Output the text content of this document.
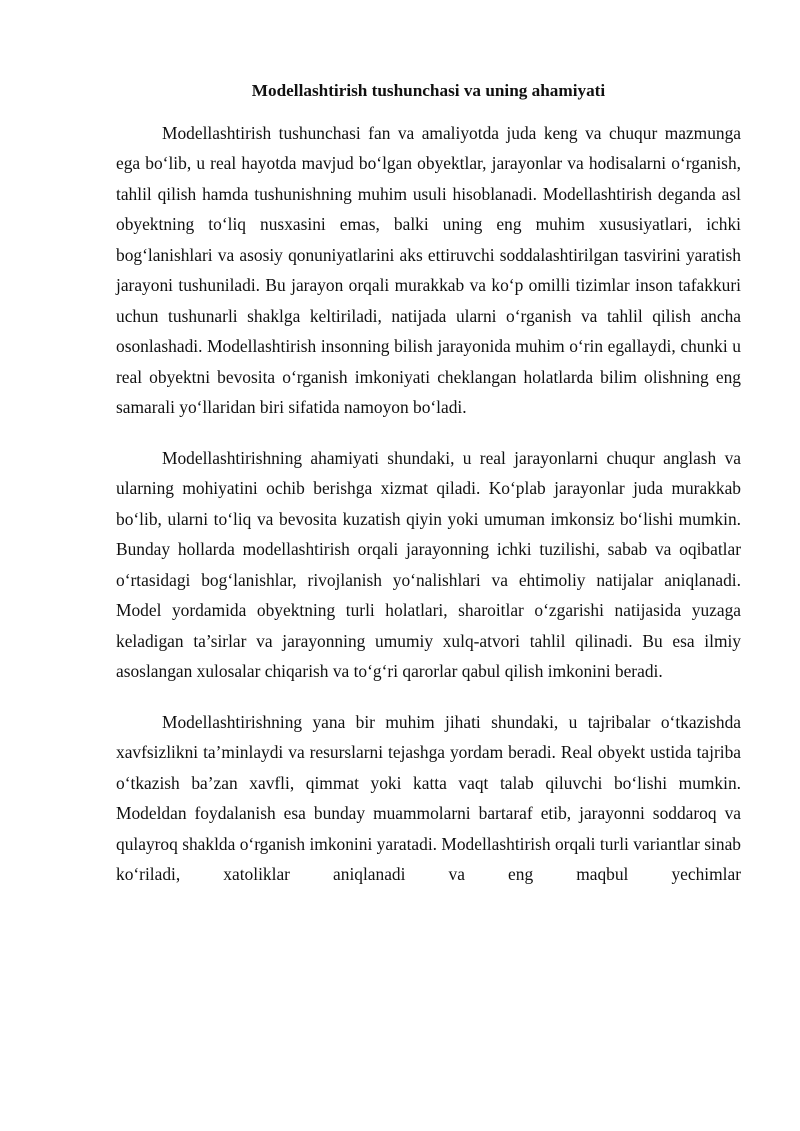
Modellashtirish tushunchasi va uning ahamiyati

Modellashtirish tushunchasi fan va amaliyotda juda keng va chuqur mazmunga ega bo‘lib, u real hayotda mavjud bo‘lgan obyektlar, jarayonlar va hodisalarni o‘rganish, tahlil qilish hamda tushunishning muhim usuli hisoblanadi. Modellashtirish deganda asl obyektning to‘liq nusxasini emas, balki uning eng muhim xususiyatlari, ichki bog‘lanishlari va asosiy qonuniyatlarini aks ettiruvchi soddalashtirilgan tasvirini yaratish jarayoni tushuniladi. Bu jarayon orqali murakkab va ko‘p omilli tizimlar inson tafakkuri uchun tushunarli shaklga keltiriladi, natijada ularni o‘rganish va tahlil qilish ancha osonlashadi. Modellashtirish insonning bilish jarayonida muhim o‘rin egallaydi, chunki u real obyektni bevosita o‘rganish imkoniyati cheklangan holatlarda bilim olishning eng samarali yo‘llaridan biri sifatida namoyon bo‘ladi.

Modellashtirishning ahamiyati shundaki, u real jarayonlarni chuqur anglash va ularning mohiyatini ochib berishga xizmat qiladi. Ko‘plab jarayonlar juda murakkab bo‘lib, ularni to‘liq va bevosita kuzatish qiyin yoki umuman imkonsiz bo‘lishi mumkin. Bunday hollarda modellashtirish orqali jarayonning ichki tuzilishi, sabab va oqibatlar o‘rtasidagi bog‘lanishlar, rivojlanish yo‘nalishlari va ehtimoliy natijalar aniqlanadi. Model yordamida obyektning turli holatlari, sharoitlar o‘zgarishi natijasida yuzaga keladigan ta’sirlar va jarayonning umumiy xulq-atvori tahlil qilinadi. Bu esa ilmiy asoslangan xulosalar chiqarish va to‘g‘ri qarorlar qabul qilish imkonini beradi.

Modellashtirishning yana bir muhim jihati shundaki, u tajribalar o‘tkazishda xavfsizlikni ta’minlaydi va resurslarni tejashga yordam beradi. Real obyekt ustida tajriba o‘tkazish ba’zan xavfli, qimmat yoki katta vaqt talab qiluvchi bo‘lishi mumkin. Modeldan foydalanish esa bunday muammolarni bartaraf etib, jarayonni soddaroq va qulayroq shaklda o‘rganish imkonini yaratadi. Modellashtirish orqali turli variantlar sinab ko‘riladi, xatoliklar aniqlanadi va eng maqbul yechimlar
